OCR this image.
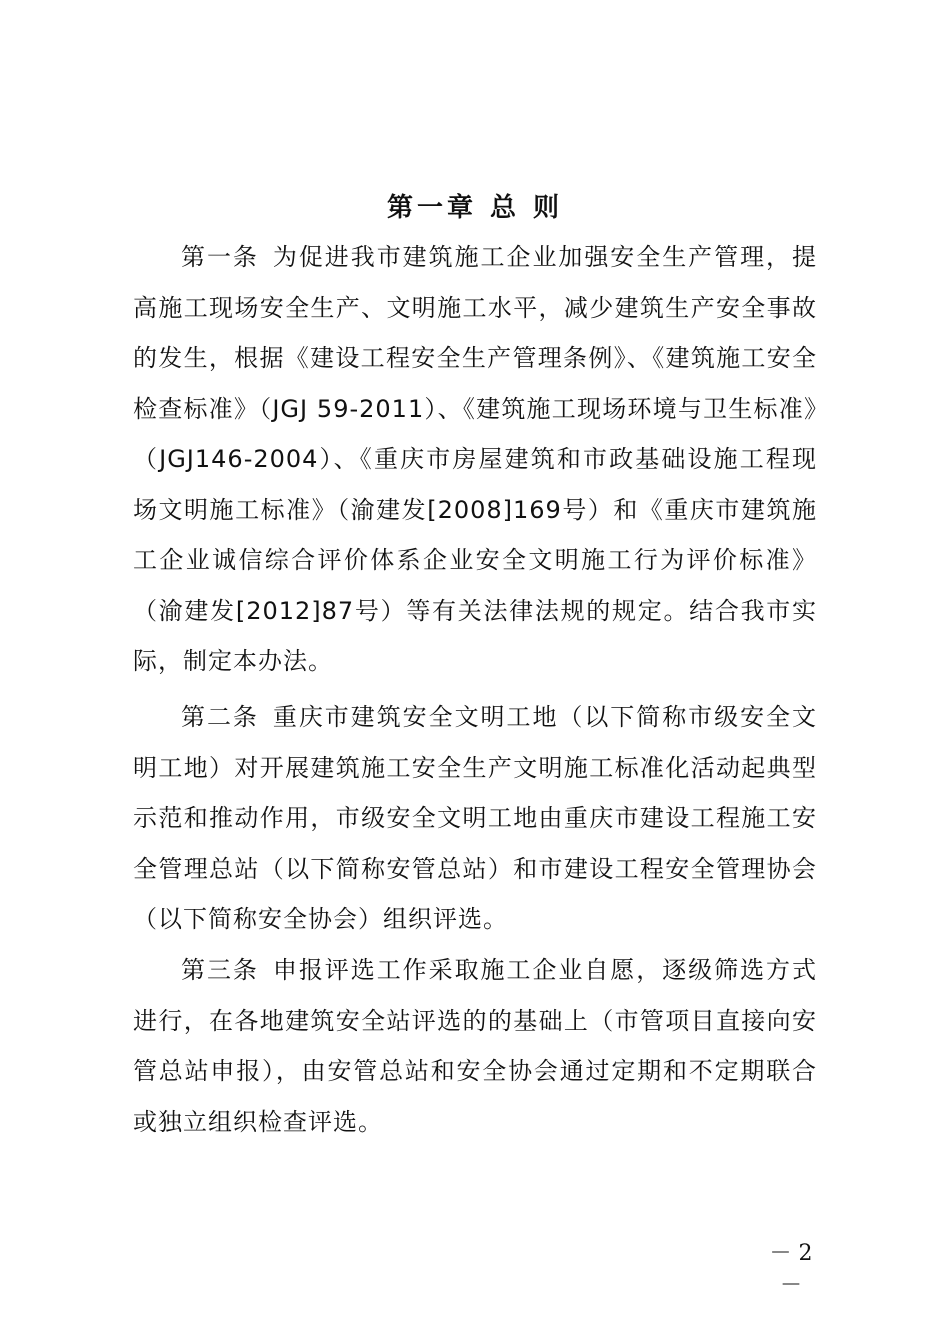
第一章 总 则

第一条 为促进我市建筑施工企业加强安全生产管理，提高施工现场安全生产、文明施工水平，减少建筑生产安全事故的发生，根据《建设工程安全生产管理条例》、《建筑施工安全检查标准》（JGJ 59-2011）、《建筑施工现场环境与卫生标准》（JGJ146-2004）、《重庆市房屋建筑和市政基础设施工程现场文明施工标准》（渝建发[2008]169号）和《重庆市建筑施工企业诚信综合评价体系企业安全文明施工行为评价标准》（渝建发[2012]87号）等有关法律法规的规定。结合我市实际，制定本办法。

第二条 重庆市建筑安全文明工地（以下简称市级安全文明工地）对开展建筑施工安全生产文明施工标准化活动起典型示范和推动作用，市级安全文明工地由重庆市建设工程施工安全管理总站（以下简称安管总站）和市建设工程安全管理协会（以下简称安全协会）组织评选。

第三条 申报评选工作采取施工企业自愿，逐级筛选方式进行，在各地建筑安全站评选的的基础上（市管项目直接向安管总站申报），由安管总站和安全协会通过定期和不定期联合或独立组织检查评选。

－ 2 －
